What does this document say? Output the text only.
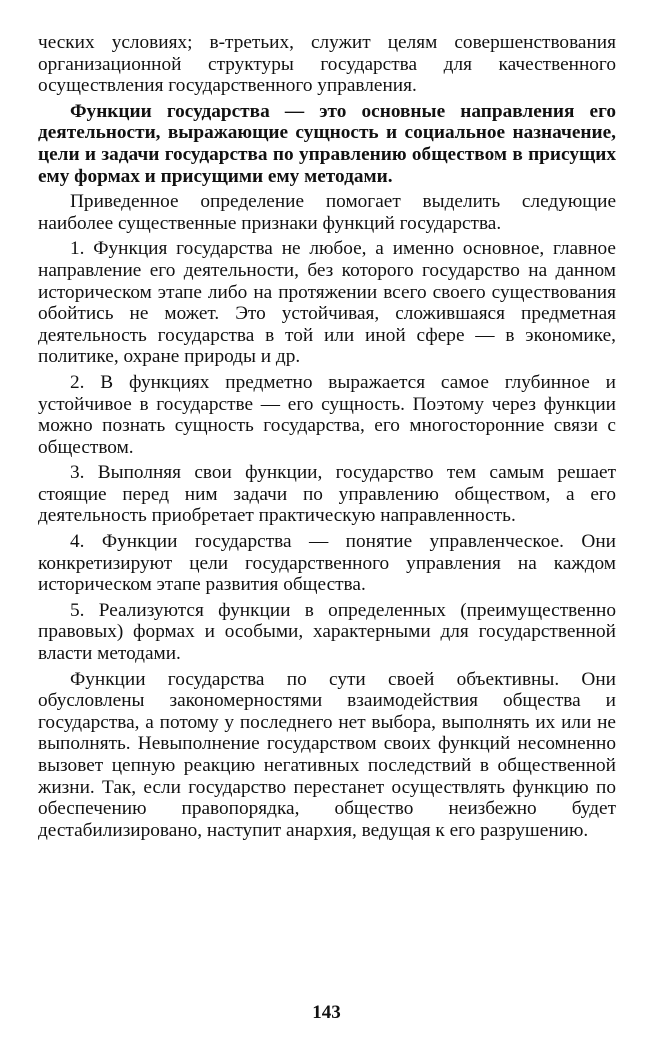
ческих условиях; в-третьих, служит целям совершенствования организационной структуры государства для качественного осуществления государственного управления.

Функции государства — это основные направления его деятельности, выражающие сущность и социальное назначение, цели и задачи государства по управлению обществом в присущих ему формах и присущими ему методами.

Приведенное определение помогает выделить следующие наиболее существенные признаки функций государства.

1. Функция государства не любое, а именно основное, главное направление его деятельности, без которого государство на данном историческом этапе либо на протяжении всего своего существования обойтись не может. Это устойчивая, сложившаяся предметная деятельность государства в той или иной сфере — в экономике, политике, охране природы и др.

2. В функциях предметно выражается самое глубинное и устойчивое в государстве — его сущность. Поэтому через функции можно познать сущность государства, его многосторонние связи с обществом.

3. Выполняя свои функции, государство тем самым решает стоящие перед ним задачи по управлению обществом, а его деятельность приобретает практическую направленность.

4. Функции государства — понятие управленческое. Они конкретизируют цели государственного управления на каждом историческом этапе развития общества.

5. Реализуются функции в определенных (преимущественно правовых) формах и особыми, характерными для государственной власти методами.

Функции государства по сути своей объективны. Они обусловлены закономерностями взаимодействия общества и государства, а потому у последнего нет выбора, выполнять их или не выполнять. Невыполнение государством своих функций несомненно вызовет цепную реакцию негативных последствий в общественной жизни. Так, если государство перестанет осуществлять функцию по обеспечению правопорядка, общество неизбежно будет дестабилизировано, наступит анархия, ведущая к его разрушению.

143
